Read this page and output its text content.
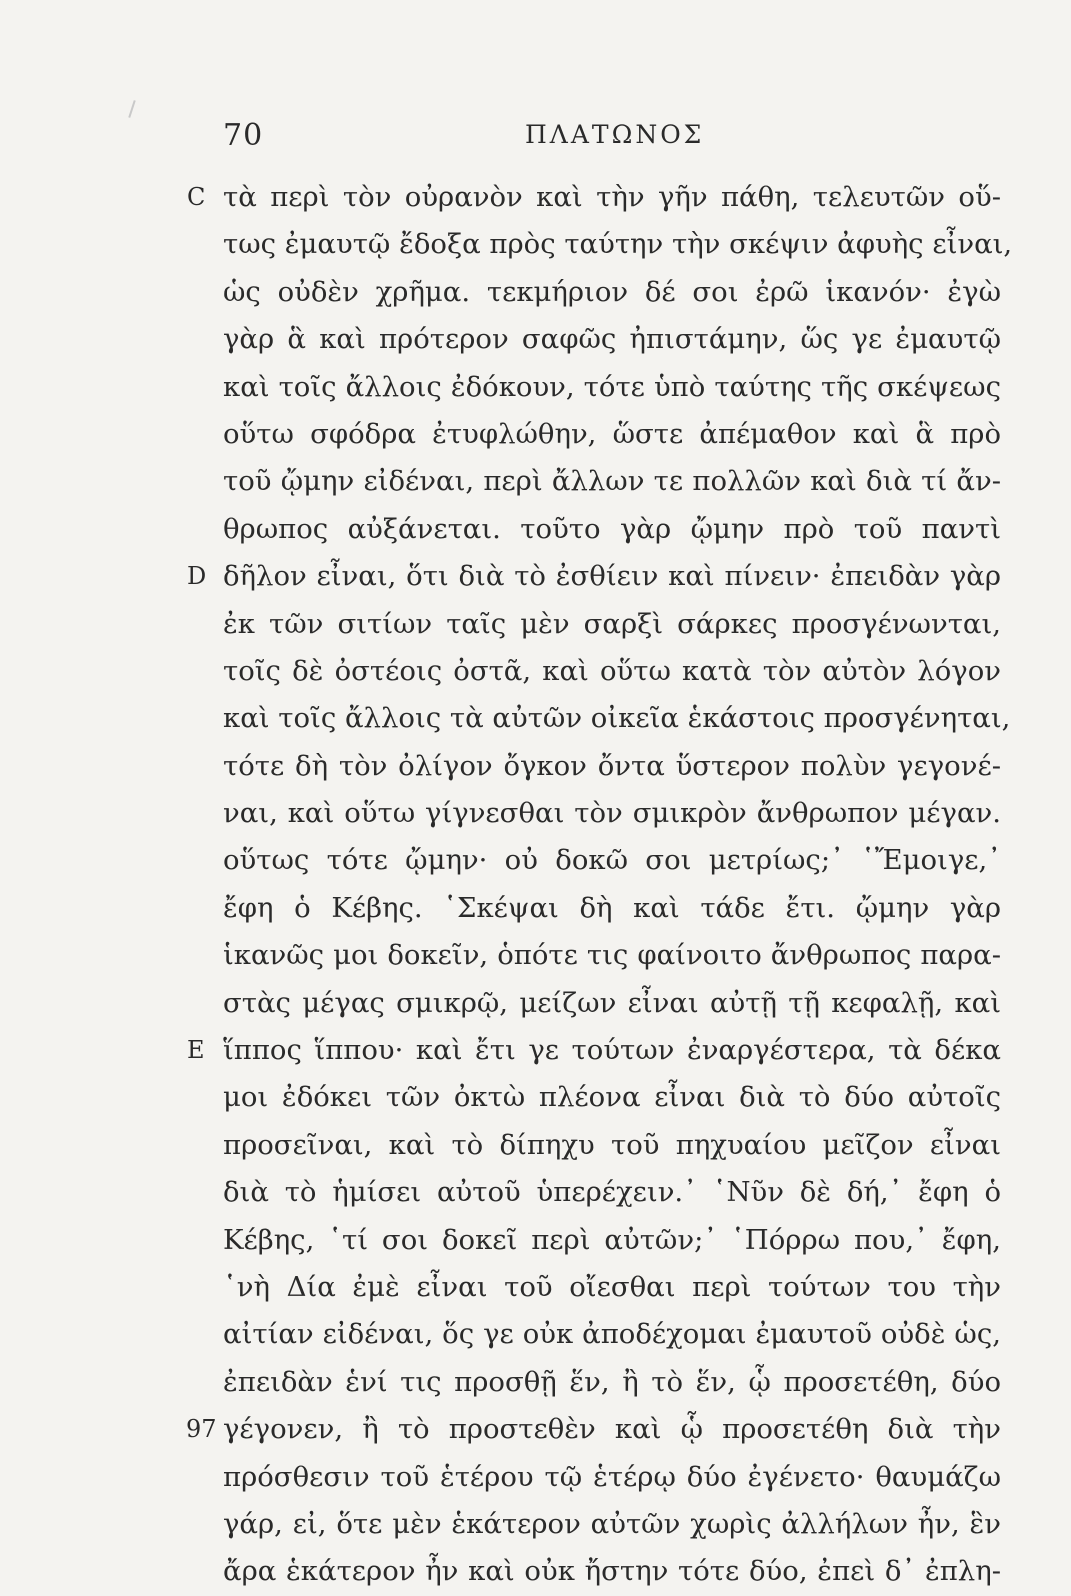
70	ΠΛΑΤΩΝΟΣ
C τὰ περὶ τὸν οὐρανὸν καὶ τὴν γῆν πάθη, τελευτῶν οὕ-
τως ἐμαυτῷ ἔδοξα πρὸς ταύτην τὴν σκέψιν ἀφυὴς εἶναι,
ὡς οὐδὲν χρῆμα. τεκμήριον δέ σοι ἐρῶ ἱκανόν· ἐγὼ
γὰρ ἃ καὶ πρότερον σαφῶς ἠπιστάμην, ὥς γε ἐμαυτῷ
καὶ τοῖς ἄλλοις ἐδόκουν, τότε ὑπὸ ταύτης τῆς σκέψεως
οὕτω σφόδρα ἐτυφλώθην, ὥστε ἀπέμαθον καὶ ἃ πρὸ
τοῦ ᾤμην εἰδέναι, περὶ ἄλλων τε πολλῶν καὶ διὰ τί ἄν-
θρωπος αὐξάνεται. τοῦτο γὰρ ᾤμην πρὸ τοῦ παντὶ
D δῆλον εἶναι, ὅτι διὰ τὸ ἐσθίειν καὶ πίνειν· ἐπειδὰν γὰρ
ἐκ τῶν σιτίων ταῖς μὲν σαρξὶ σάρκες προσγένωνται,
τοῖς δὲ ὀστέοις ὀστᾶ, καὶ οὕτω κατὰ τὸν αὐτὸν λόγον
καὶ τοῖς ἄλλοις τὰ αὐτῶν οἰκεῖα ἑκάστοις προσγένηται,
τότε δὴ τὸν ὀλίγον ὄγκον ὄντα ὕστερον πολὺν γεγονέ-
ναι, καὶ οὕτω γίγνεσθαι τὸν σμικρὸν ἄνθρωπον μέγαν.
οὕτως τότε ᾤμην· οὐ δοκῶ σοι μετρίως;᾽ ῾Ἔμοιγε,᾽
ἔφη ὁ Κέβης. ῾Σκέψαι δὴ καὶ τάδε ἔτι. ᾤμην γὰρ
ἱκανῶς μοι δοκεῖν, ὁπότε τις φαίνοιτο ἄνθρωπος παρα-
στὰς μέγας σμικρῷ, μείζων εἶναι αὐτῇ τῇ κεφαλῇ, καὶ
E ἵππος ἵππου· καὶ ἔτι γε τούτων ἐναργέστερα, τὰ δέκα
μοι ἐδόκει τῶν ὀκτὼ πλέονα εἶναι διὰ τὸ δύο αὐτοῖς
προσεῖναι, καὶ τὸ δίπηχυ τοῦ πηχυαίου μεῖζον εἶναι
διὰ τὸ ἡμίσει αὐτοῦ ὑπερέχειν.᾽ ῾Νῦν δὲ δή,᾽ ἔφη ὁ
Κέβης, ῾τί σοι δοκεῖ περὶ αὐτῶν;᾽ ῾Πόρρω που,᾽ ἔφη,
῾νὴ Δία ἐμὲ εἶναι τοῦ οἴεσθαι περὶ τούτων του τὴν
αἰτίαν εἰδέναι, ὅς γε οὐκ ἀποδέχομαι ἐμαυτοῦ οὐδὲ ὡς,
ἐπειδὰν ἑνί τις προσθῇ ἕν, ἢ τὸ ἕν, ᾧ προσετέθη, δύο
97 γέγονεν, ἢ τὸ προστεθὲν καὶ ᾧ προσετέθη διὰ τὴν
πρόσθεσιν τοῦ ἑτέρου τῷ ἑτέρῳ δύο ἐγένετο· θαυμάζω
γάρ, εἰ, ὅτε μὲν ἑκάτερον αὐτῶν χωρὶς ἀλλήλων ἦν, ἓν
ἄρα ἑκάτερον ἦν καὶ οὐκ ἤστην τότε δύο, ἐπεὶ δ᾽ ἐπλη-
